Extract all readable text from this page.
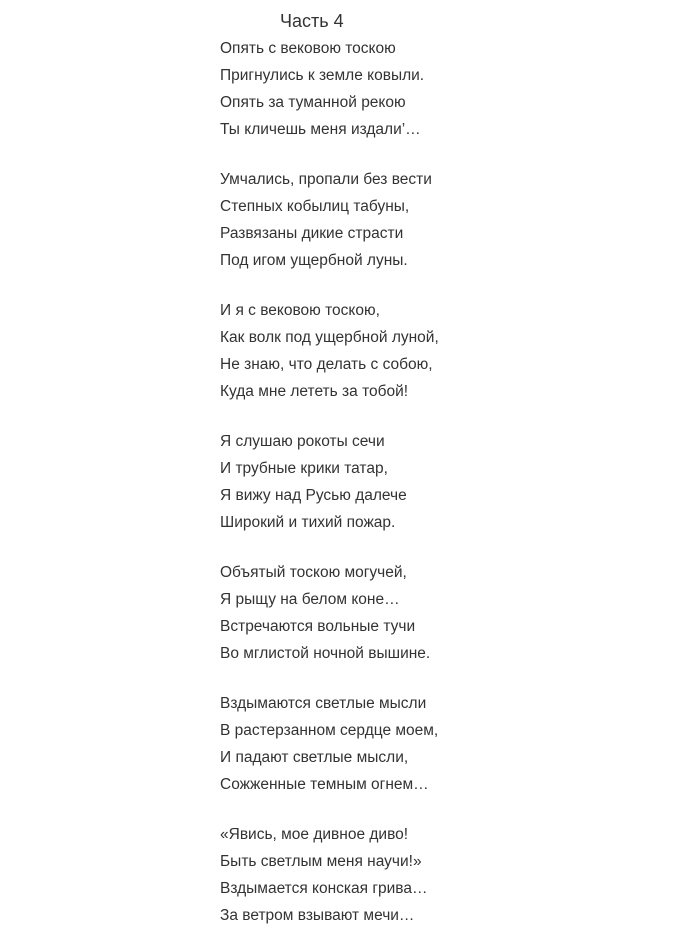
Часть 4
Опять с вековою тоскою
Пригнулись к земле ковыли.
Опять за туманной рекою
Ты кличешь меня издали’…
Умчались, пропали без вести
Степных кобылиц табуны,
Развязаны дикие страсти
Под игом ущербной луны.
И я с вековою тоскою,
Как волк под ущербной луной,
Не знаю, что делать с собою,
Куда мне лететь за тобой!
Я слушаю рокоты сечи
И трубные крики татар,
Я вижу над Русью далече
Широкий и тихий пожар.
Объятый тоскою могучей,
Я рыщу на белом коне…
Встречаются вольные тучи
Во мглистой ночной вышине.
Вздымаются светлые мысли
В растерзанном сердце моем,
И падают светлые мысли,
Сожженные темным огнем…
«Явись, мое дивное диво!
Быть светлым меня научи!»
Вздымается конская грива…
За ветром взывают мечи…
